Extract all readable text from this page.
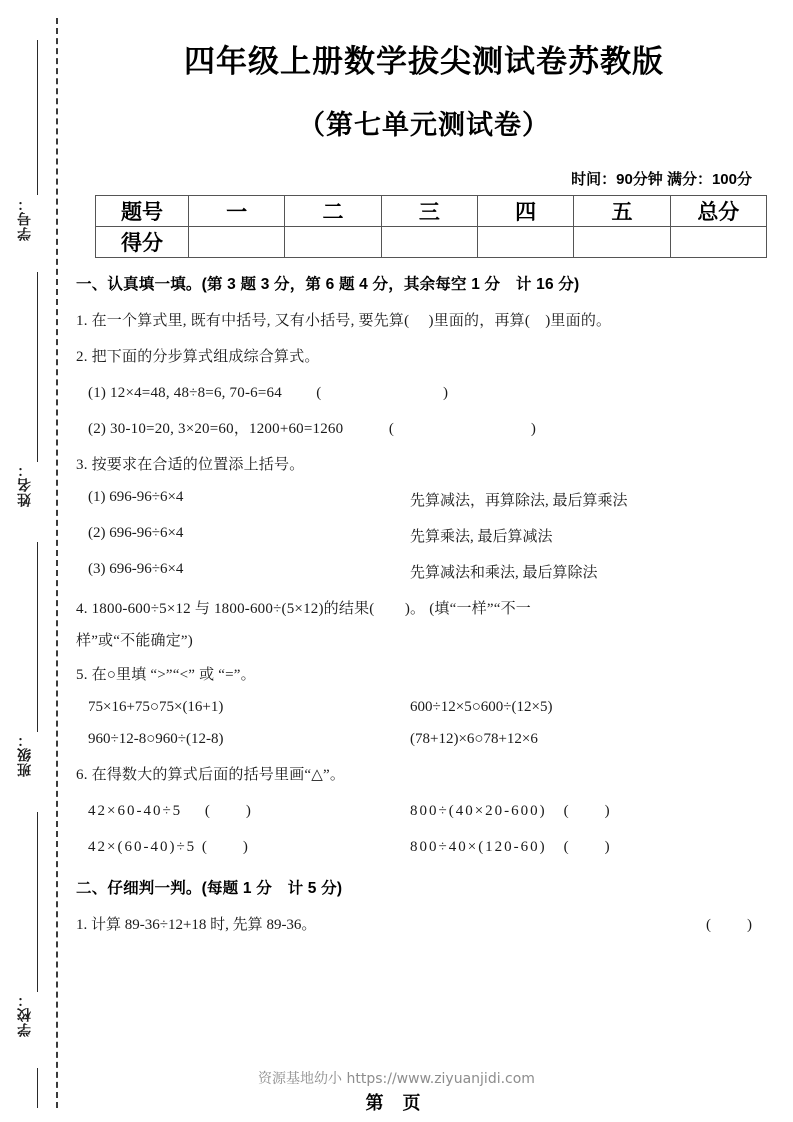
学号：
姓名：
班级：
学校：
四年级上册数学拔尖测试卷苏教版
（第七单元测试卷）

时间：90分钟 满分：100分

题号	一	二	三	四	五	总分
得分						

一、认真填一填。(第 3 题 3 分，第 6 题 4 分，其余每空 1 分　计 16 分)

1. 在一个算式里, 既有中括号, 又有小括号, 要先算(　 )里面的，再算(　)里面的。

2. 把下面的分步算式组成综合算式。

(1) 12×4=48, 48÷8=6, 70-6=64　　 (　　　　　　　　)

(2) 30-10=20, 3×20=60，1200+60=1260　　　(　　　　　　　　　)

3. 按要求在合适的位置添上括号。

(1) 696-96÷6×4	先算减法，再算除法, 最后算乘法
(2) 696-96÷6×4	先算乘法, 最后算减法
(3) 696-96÷6×4	先算减法和乘法, 最后算除法

4. 1800-600÷5×12 与 1800-600÷(5×12)的结果(　　)。 (填“一样”“不一

样”或“不能确定”)

5. 在○里填 “>”“<” 或 “=”。

75×16+75○75×(16+1)	600÷12×5○600÷(12×5)
960÷12-8○960÷(12-8)	(78+12)×6○78+12×6

6. 在得数大的算式后面的括号里画“△”。

42×60-40÷5　 (　　)	800÷(40×20-600)　(　　)
42×(60-40)÷5 (　　)	800÷40×(120-60)　(　　)

二、仔细判一判。(每题 1 分　计 5 分)

1. 计算 89-36÷12+18 时, 先算 89-36。	(　　)
资源基地幼小 https://www.ziyuanjidi.com
第 页
